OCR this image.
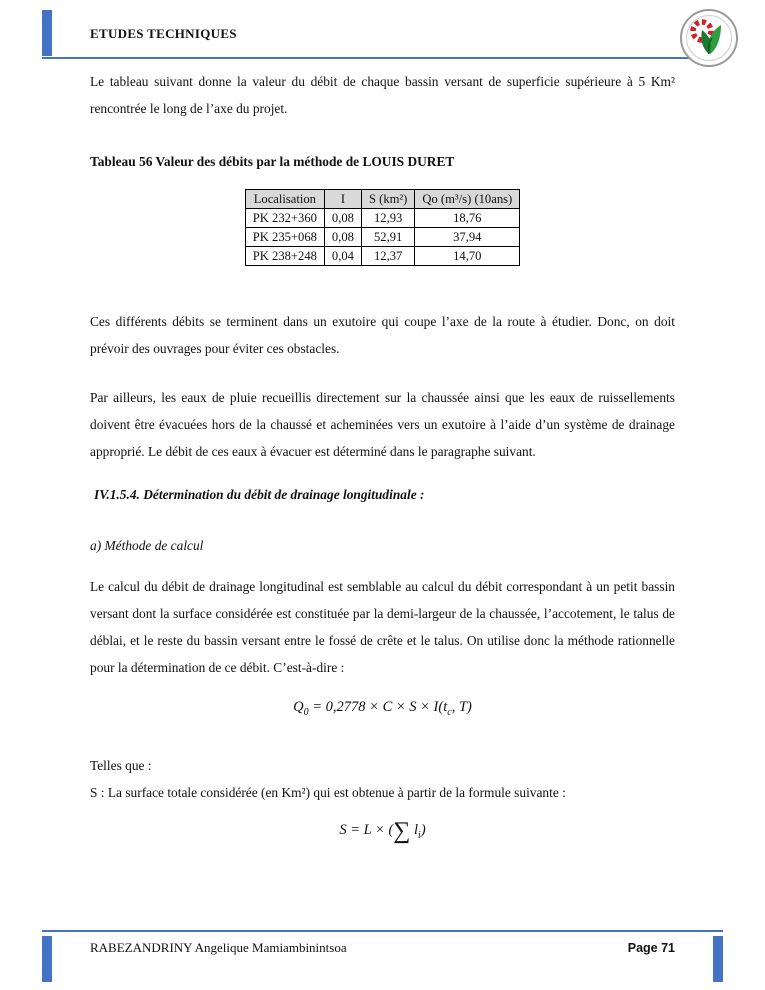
ETUDES TECHNIQUES

Le tableau suivant donne la valeur du débit de chaque bassin versant de superficie supérieure à 5 Km² rencontrée le long de l’axe du projet.

Tableau 56 Valeur des débits par la méthode de LOUIS DURET

Localisation	I	S (km²)	Qo (m³/s) (10ans)
PK 232+360	0,08	12,93	18,76
PK 235+068	0,08	52,91	37,94
PK 238+248	0,04	12,37	14,70

Ces différents débits se terminent dans un exutoire qui coupe l’axe de la route à étudier. Donc, on doit prévoir des ouvrages pour éviter ces obstacles.

Par ailleurs, les eaux de pluie recueillis directement sur la chaussée ainsi que les eaux de ruissellements doivent être évacuées hors de la chaussé et acheminées vers un exutoire à l’aide d’un système de drainage approprié. Le débit de ces eaux à évacuer est déterminé dans le paragraphe suivant.

IV.1.5.4. Détermination du débit de drainage longitudinale :

a) Méthode de calcul

Le calcul du débit de drainage longitudinal est semblable au calcul du débit correspondant à un petit bassin versant dont la surface considérée est constituée par la demi-largeur de la chaussée, l’accotement, le talus de déblai, et le reste du bassin versant entre le fossé de crête et le talus. On utilise donc la méthode rationnelle pour la détermination de ce débit. C’est-à-dire :

$Q_0 = 0,2778 \times C \times S \times I(t_c$, T)

Telles que :

S : La surface totale considérée (en Km²) qui est obtenue à partir de la formule suivante :

S = L × (∑ $l_i$)
RABEZANDRINY Angelique Mamiambinintsoa	Page 71
